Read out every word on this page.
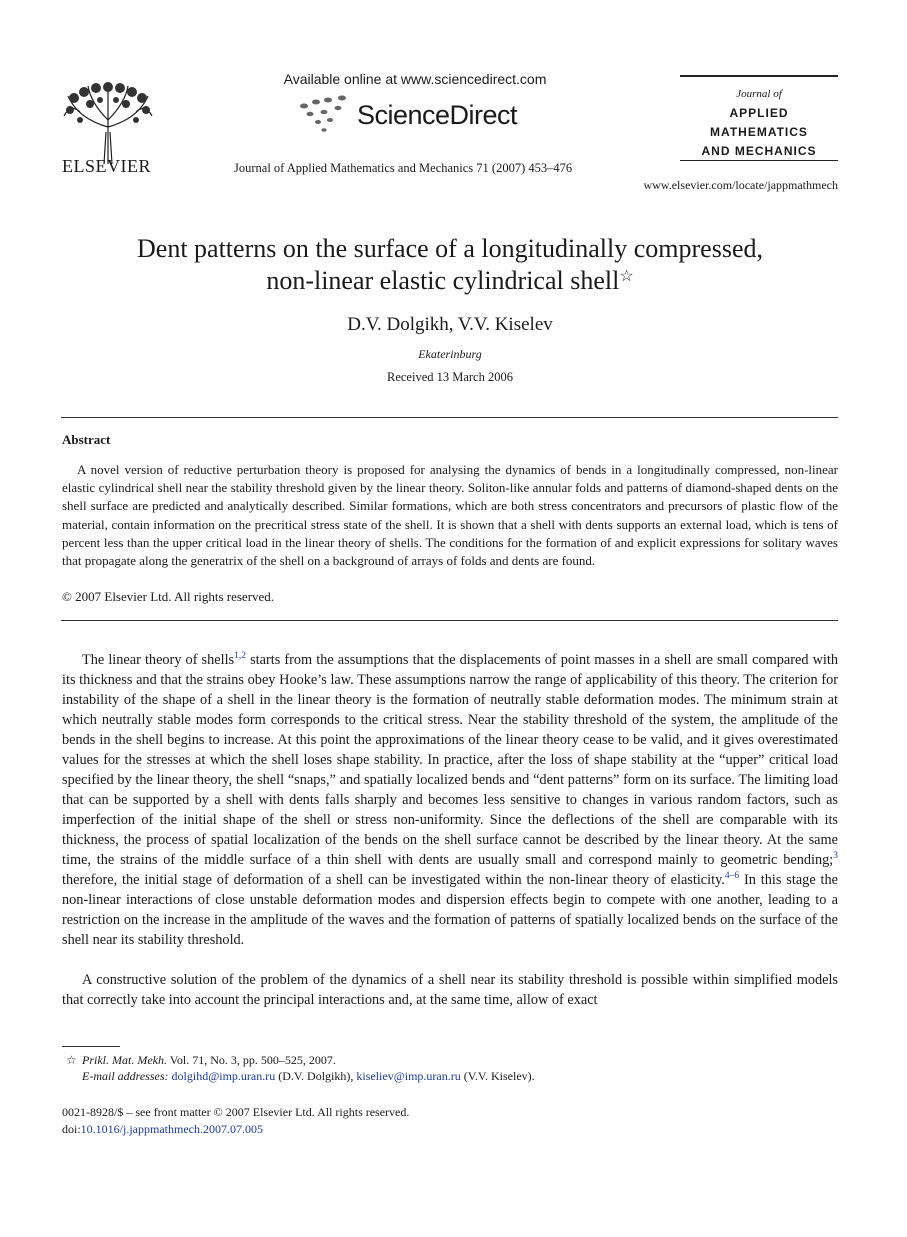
ELSEVIER
Available online at www.sciencedirect.com
ScienceDirect
Journal of Applied Mathematics and Mechanics 71 (2007) 453–476
Journal of
APPLIED
MATHEMATICS
AND MECHANICS
www.elsevier.com/locate/jappmathmech
Dent patterns on the surface of a longitudinally compressed,
non-linear elastic cylindrical shell☆
D.V. Dolgikh, V.V. Kiselev
Ekaterinburg
Received 13 March 2006
Abstract
A novel version of reductive perturbation theory is proposed for analysing the dynamics of bends in a longitudinally compressed, non-linear elastic cylindrical shell near the stability threshold given by the linear theory. Soliton-like annular folds and patterns of diamond-shaped dents on the shell surface are predicted and analytically described. Similar formations, which are both stress concentrators and precursors of plastic flow of the material, contain information on the precritical stress state of the shell. It is shown that a shell with dents supports an external load, which is tens of percent less than the upper critical load in the linear theory of shells. The conditions for the formation of and explicit expressions for solitary waves that propagate along the generatrix of the shell on a background of arrays of folds and dents are found.
© 2007 Elsevier Ltd. All rights reserved.
The linear theory of shells$^{1,2}$ starts from the assumptions that the displacements of point masses in a shell are small compared with its thickness and that the strains obey Hooke’s law. These assumptions narrow the range of applicability of this theory. The criterion for instability of the shape of a shell in the linear theory is the formation of neutrally stable deformation modes. The minimum strain at which neutrally stable modes form corresponds to the critical stress. Near the stability threshold of the system, the amplitude of the bends in the shell begins to increase. At this point the approximations of the linear theory cease to be valid, and it gives overestimated values for the stresses at which the shell loses shape stability. In practice, after the loss of shape stability at the “upper” critical load specified by the linear theory, the shell “snaps,” and spatially localized bends and “dent patterns” form on its surface. The limiting load that can be supported by a shell with dents falls sharply and becomes less sensitive to changes in various random factors, such as imperfection of the initial shape of the shell or stress non-uniformity. Since the deflections of the shell are comparable with its thickness, the process of spatial localization of the bends on the shell surface cannot be described by the linear theory. At the same time, the strains of the middle surface of a thin shell with dents are usually small and correspond mainly to geometric bending;$^3$ therefore, the initial stage of deformation of a shell can be investigated within the non-linear theory of elasticity.$^{4-6}$ In this stage the non-linear interactions of close unstable deformation modes and dispersion effects begin to compete with one another, leading to a restriction on the increase in the amplitude of the waves and the formation of patterns of spatially localized bends on the surface of the shell near its stability threshold.
A constructive solution of the problem of the dynamics of a shell near its stability threshold is possible within simplified models that correctly take into account the principal interactions and, at the same time, allow of exact
☆ Prikl. Mat. Mekh. Vol. 71, No. 3, pp. 500–525, 2007.
E-mail addresses: dolgihd@imp.uran.ru (D.V. Dolgikh), kiseliev@imp.uran.ru (V.V. Kiselev).
0021-8928/$ – see front matter © 2007 Elsevier Ltd. All rights reserved.
doi:10.1016/j.jappmathmech.2007.07.005
